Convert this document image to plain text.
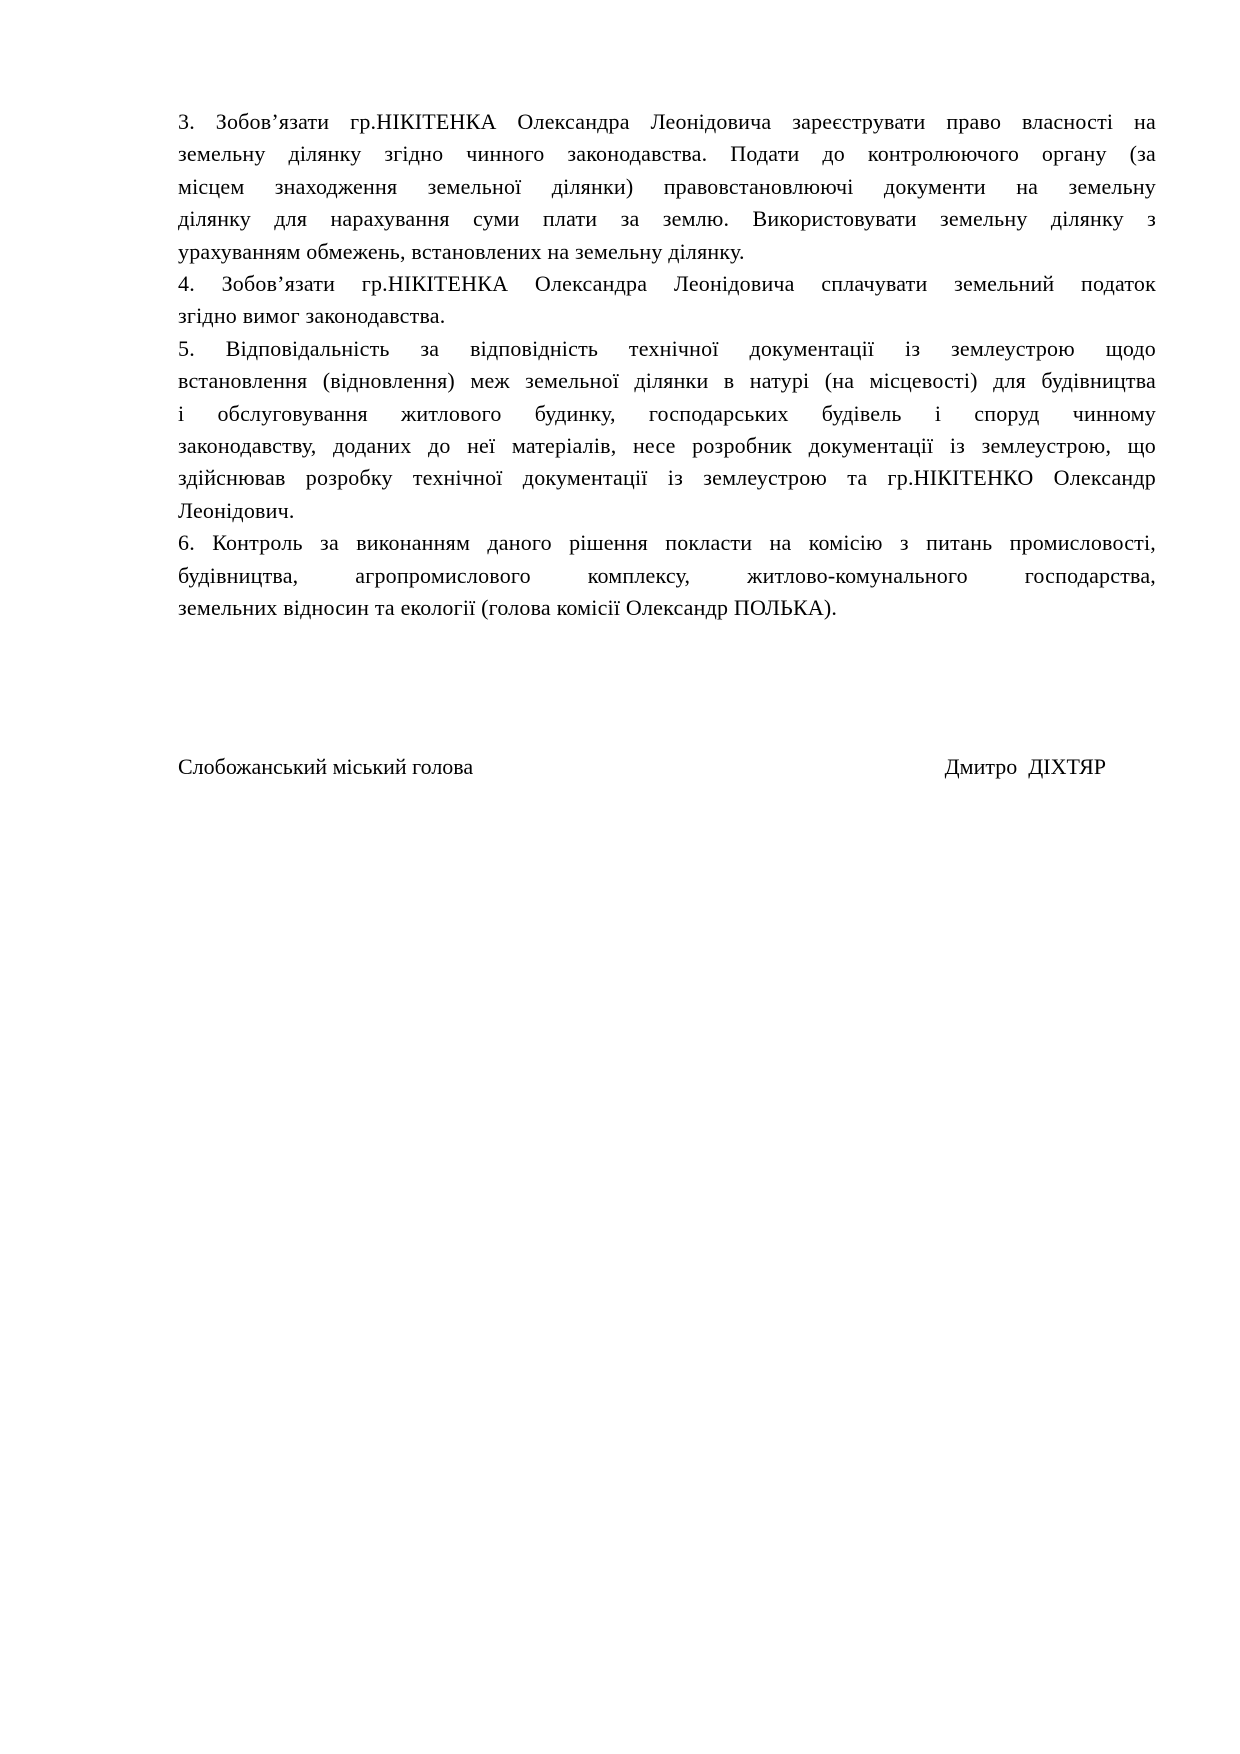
3. Зобов’язати гр.НІКІТЕНКА Олександра Леонідовича зареєструвати право власності на
земельну ділянку згідно чинного законодавства. Подати до контролюючого органу (за
місцем знаходження земельної ділянки) правовстановлюючі документи на земельну
ділянку для нарахування суми плати за землю. Використовувати земельну ділянку з
урахуванням обмежень, встановлених на земельну ділянку.
4. Зобов’язати гр.НІКІТЕНКА Олександра Леонідовича сплачувати земельний податок
згідно вимог законодавства.
5. Відповідальність за відповідність технічної документації із землеустрою щодо
встановлення (відновлення) меж земельної ділянки в натурі (на місцевості) для будівництва
і обслуговування житлового будинку, господарських будівель і споруд чинному
законодавству, доданих до неї матеріалів, несе розробник документації із землеустрою, що
здійснював розробку технічної документації із землеустрою та гр.НІКІТЕНКО Олександр
Леонідович.
6. Контроль за виконанням даного рішення покласти на комісію з питань промисловості,
будівництва, агропромислового комплексу, житлово-комунального господарства,
земельних відносин та екології (голова комісії Олександр ПОЛЬКА).
Слобожанський міський голова	Дмитро  ДІХТЯР
